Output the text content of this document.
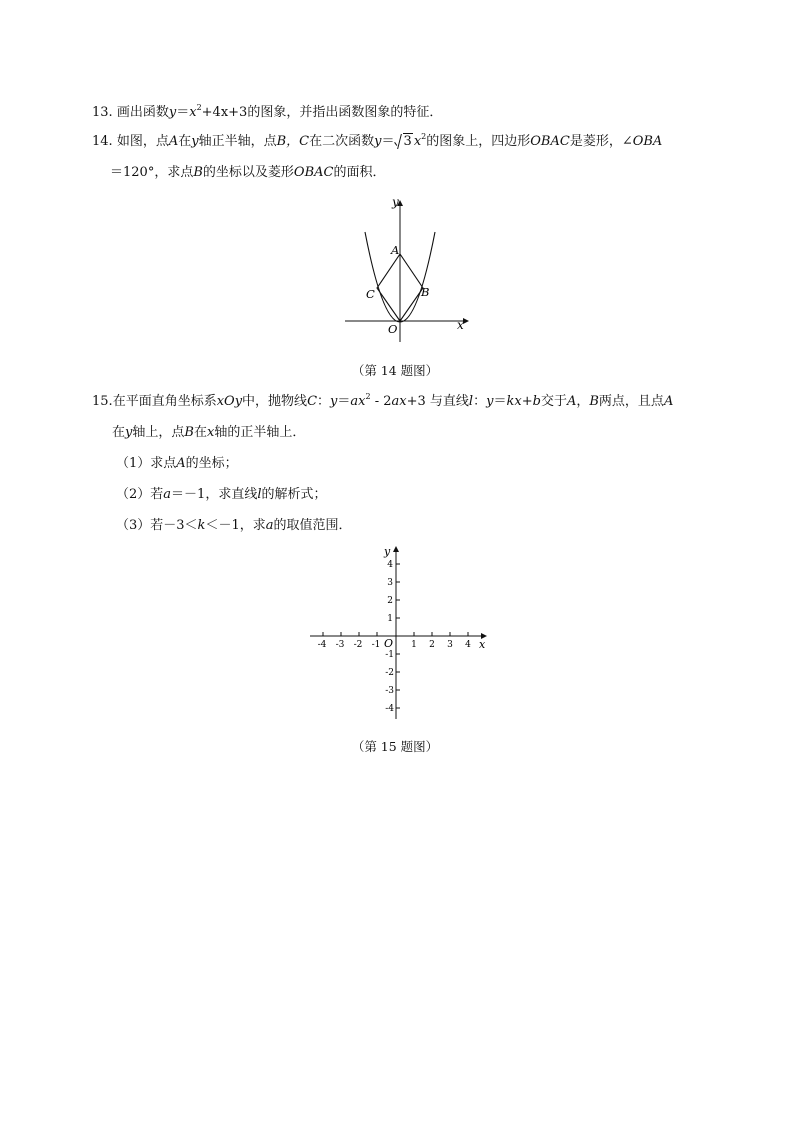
13. 画出函数$y=x^2+4x+3$的图象，并指出函数图象的特征．
14. 如图，点A在y轴正半轴，点B，C在二次函数y＝ 3 $x^2$的图象上，四边形OBAC是菱形，∠OBA
＝120°，求点B的坐标以及菱形OBAC的面积．
y
x
A
B
C
O
（第 14 题图）
15.在平面直角坐标系xOy中，抛物线C：$y=ax^2 - 2ax+3$ 与直线l：y＝kx+b交于A，B两点，且点A
在y轴上，点B在x轴的正半轴上．
（1）求点A的坐标；
（2）若a＝－1，求直线l的解析式；
（3）若－3＜k＜－1，求a的取值范围．
-4 -3 -2 -1	1 2 3 4
4
3
2
1
-1
-2
-3
-4
y
x
O
（第 15 题图）
